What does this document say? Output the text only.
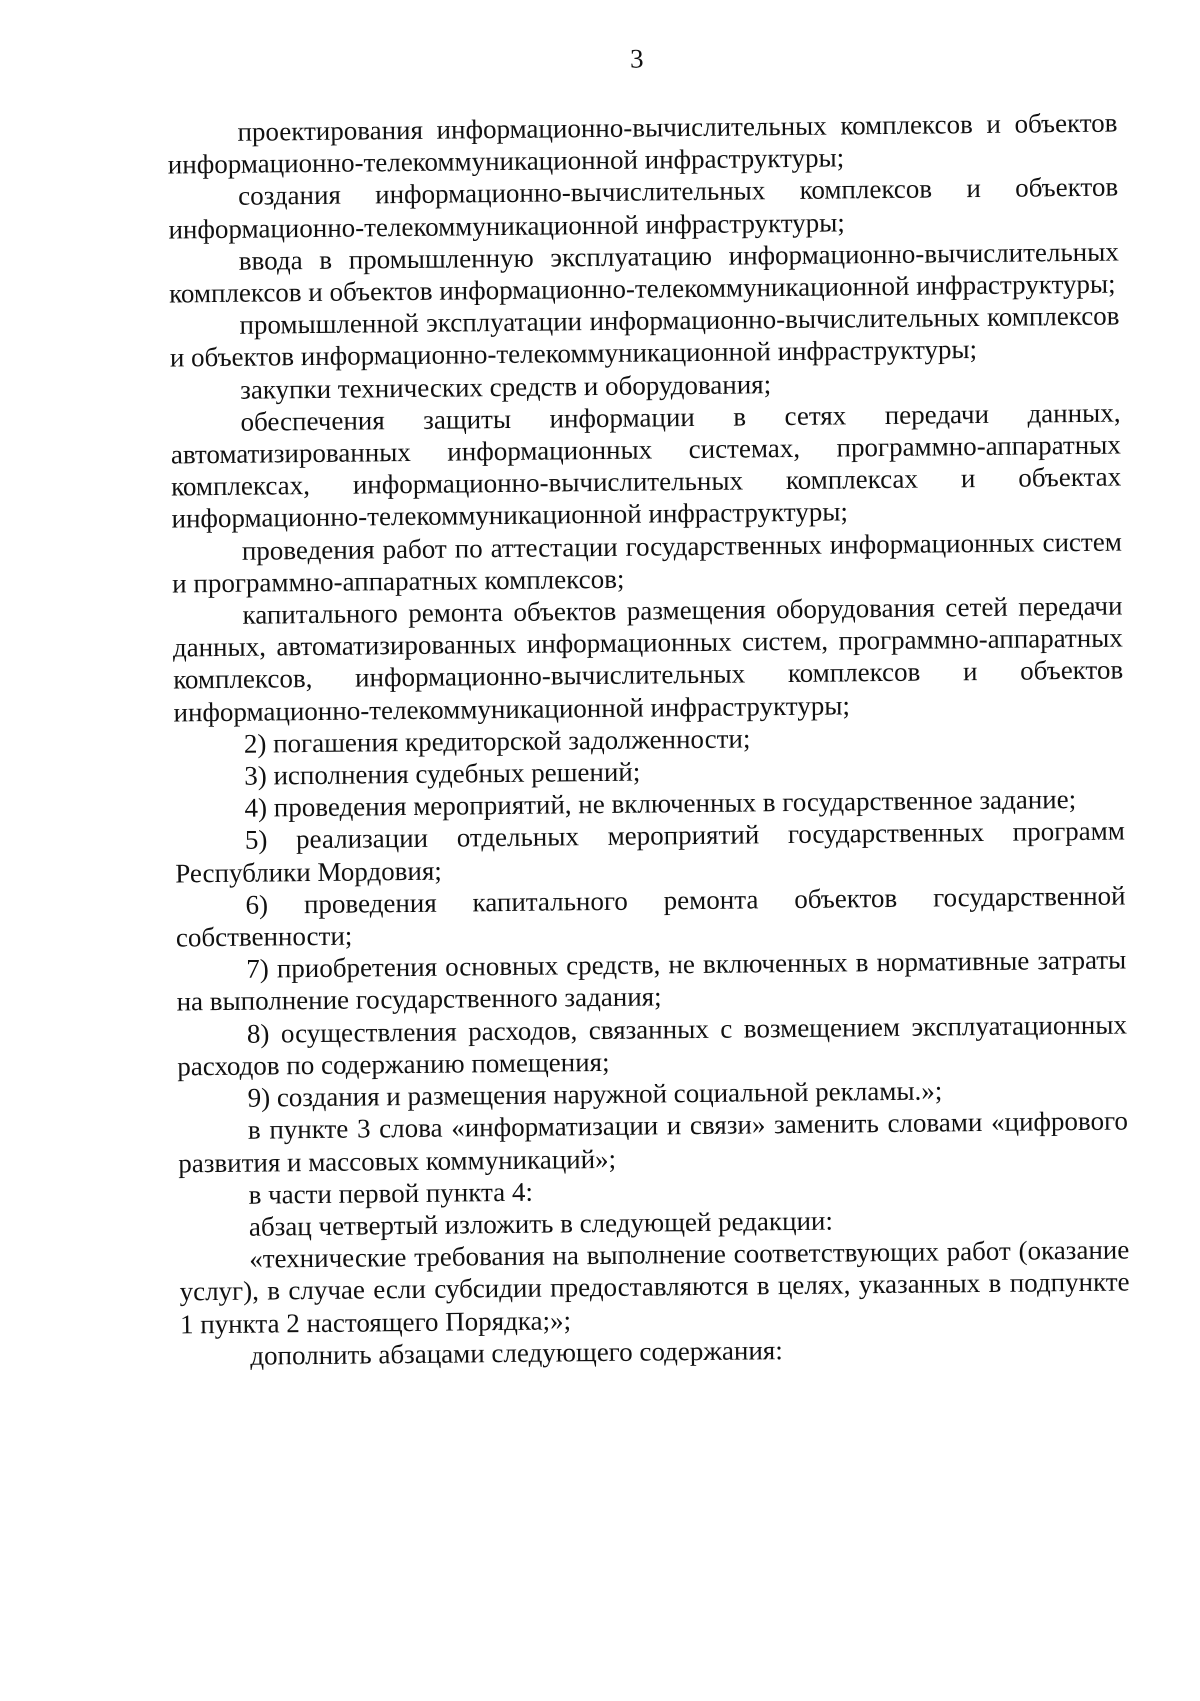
3

проектирования информационно-вычислительных комплексов и объектов информационно-телекоммуникационной инфраструктуры;

создания информационно-вычислительных комплексов и объектов информационно-телекоммуникационной инфраструктуры;

ввода в промышленную эксплуатацию информационно-вычислительных комплексов и объектов информационно-телекоммуникационной инфраструктуры;

промышленной эксплуатации информационно-вычислительных комплексов и объектов информационно-телекоммуникационной инфраструктуры;

закупки технических средств и оборудования;

обеспечения защиты информации в сетях передачи данных, автоматизированных информационных системах, программно-аппаратных комплексах, информационно-вычислительных комплексах и объектах информационно-телекоммуникационной инфраструктуры;

проведения работ по аттестации государственных информационных систем и программно-аппаратных комплексов;

капитального ремонта объектов размещения оборудования сетей передачи данных, автоматизированных информационных систем, программно-аппаратных комплексов, информационно-вычислительных комплексов и объектов информационно-телекоммуникационной инфраструктуры;

2) погашения кредиторской задолженности;

3) исполнения судебных решений;

4) проведения мероприятий, не включенных в государственное задание;

5) реализации отдельных мероприятий государственных программ Республики Мордовия;

6) проведения капитального ремонта объектов государственной собственности;

7) приобретения основных средств, не включенных в нормативные затраты на выполнение государственного задания;

8) осуществления расходов, связанных с возмещением эксплуатационных расходов по содержанию помещения;

9) создания и размещения наружной социальной рекламы.»;

в пункте 3 слова «информатизации и связи» заменить словами «цифрового развития и массовых коммуникаций»;

в части первой пункта 4:

абзац четвертый изложить в следующей редакции:

«технические требования на выполнение соответствующих работ (оказание услуг), в случае если субсидии предоставляются в целях, указанных в подпункте 1 пункта 2 настоящего Порядка;»;

дополнить абзацами следующего содержания:
